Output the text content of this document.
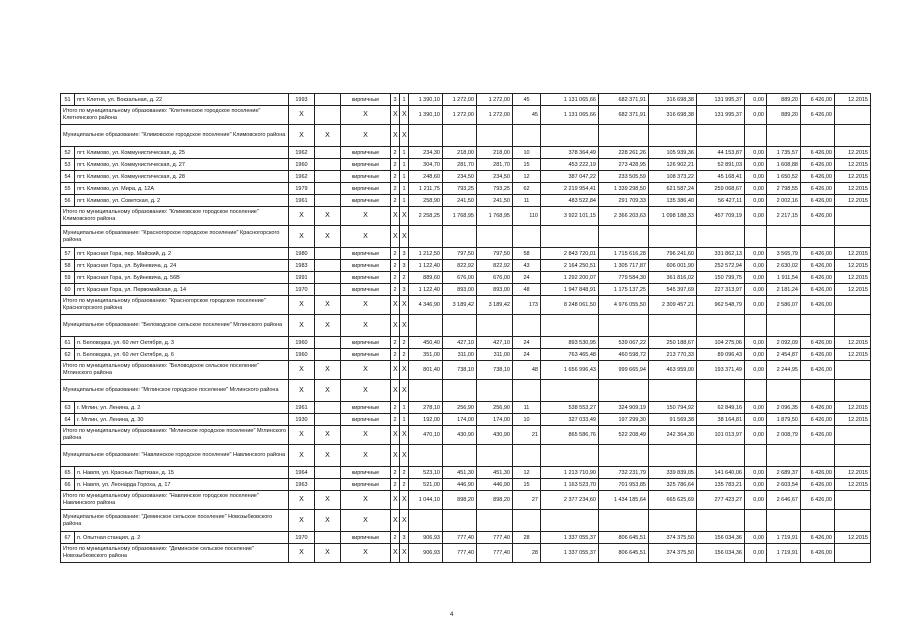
51	пгт. Клетня, ул. Вокзальная, д. 22	1993		кирпичные	3	1	1 390,10	1 272,00	1 272,00	45	1 131 065,66	682 371,91	316 698,38	131 995,37	0,00	889,20	6 426,00	12.2015
Итого по муниципальному образованию: "Клетнянское городское поселение" Клетнянского района		X		X	X	X	1 390,10	1 272,00	1 272,00	45	1 131 065,66	682 371,91	316 698,38	131 995,37	0,00	889,20	6 426,00	
Муниципальное образование: "Климовское городское поселение" Климовского района		X	X	X	X	X												
52	пгт. Климово, ул. Коммунистическая, д. 25	1962		кирпичные	2	1	234,30	218,00	218,00	10	378 364,49	228 261,26	105 939,36	44 153,87	0,00	1 735,57	6 426,00	12.2015
53	пгт. Климово, ул. Коммунистическая, д. 27	1960		кирпичные	2	1	304,70	281,70	281,70	15	453 222,19	273 428,95	126 902,21	52 891,03	0,00	1 608,88	6 426,00	12.2015
54	пгт. Климово, ул. Коммунистическая, д. 28	1962		кирпичные	2	1	248,60	234,50	234,50	12	387 047,22	233 505,59	108 373,22	45 168,41	0,00	1 650,52	6 426,00	12.2015
55	пгт. Климово, ул. Мира, д. 12А	1979		кирпичные	2	1	1 211,75	793,25	793,25	62	2 219 954,41	1 339 298,50	621 587,24	259 068,67	0,00	2 798,55	6 426,00	12.2015
56	пгт. Климово, ул. Советская, д. 2	1961		кирпичные	2	1	258,90	241,50	241,50	11	483 522,84	291 709,33	135 386,40	56 427,11	0,00	2 002,16	6 426,00	12.2015
Итого по муниципальному образованию: "Климовское городское поселение" Климовского района		X	X	X	X	X	2 258,25	1 768,95	1 768,95	110	3 922 101,15	2 366 203,63	1 098 188,33	457 709,19	0,00	2 217,15	6 426,00	
Муниципальное образование: "Красногорское городское поселение" Красногорского района		X	X	X	X	X												
57	пгт. Красная Гора, пер. Майский, д. 2	1980		кирпичные	2	3	1 212,50	797,50	797,50	58	2 843 720,01	1 715 616,28	796 241,60	331 862,13	0,00	3 565,79	6 426,00	12.2015
58	пгт. Красная Гора, ул. Буйневича, д. 24	1983		кирпичные	2	3	1 122,40	822,92	822,92	43	2 164 250,51	1 305 717,87	606 001,90	252 572,94	0,00	2 630,02	6 426,00	12.2015
59	пгт. Красная Гора, ул. Буйневича, д. 56В	1991		кирпичные	2	2	889,60	676,00	676,00	24	1 292 200,07	779 584,30	361 816,02	150 799,75	0,00	1 911,54	6 426,00	12.2015
60	пгт. Красная Гора, ул. Первомайская, д. 14	1970		кирпичные	2	3	1 122,40	893,00	893,00	48	1 947 848,91	1 175 137,25	545 397,69	227 313,97	0,00	2 181,24	6 426,00	12.2015
Итого по муниципальному образованию: "Красногорское городское поселение" Красногорского района		X	X	X	X	X	4 346,90	3 189,42	3 189,42	173	8 248 061,50	4 976 055,50	2 309 457,21	962 548,79	0,00	2 586,07	6 426,00	
Муниципальное образование: "Беловодское сельское поселение" Мглинского района		X	X	X	X	X												
61	п. Беловодка, ул. 60 лет Октября, д. 3	1960		кирпичные	2	2	450,40	427,10	427,10	24	893 530,95	539 067,22	250 188,67	104 275,06	0,00	2 092,09	6 426,00	12.2015
62	п. Беловодка, ул. 60 лет Октября, д. 6	1960		кирпичные	2	2	351,00	311,00	311,00	24	763 465,48	460 598,72	213 770,33	89 096,43	0,00	2 454,87	6 426,00	12.2015
Итого по муниципальному образованию: "Беловодское сельское поселение" Мглинского района		X	X	X	X	X	801,40	738,10	738,10	48	1 656 996,43	999 665,94	463 959,00	193 371,49	0,00	2 244,95	6 426,00	
Муниципальное образование: "Мглинское городское поселение" Мглинского района		X	X	X	X	X												
63	г. Мглин, ул. Ленина, д. 2	1961		кирпичные	2	1	278,10	256,90	256,90	11	538 553,27	324 909,19	150 794,92	62 849,16	0,00	2 096,35	6 426,00	12.2015
64	г. Мглин, ул. Ленина, д. 30	1930		кирпичные	2	1	192,00	174,00	174,00	10	327 033,49	197 299,30	91 569,38	38 164,81	0,00	1 879,50	6 426,00	12.2015
Итого по муниципальному образованию: "Мглинское городское поселение" Мглинского района		X	X	X	X	X	470,10	430,90	430,90	21	865 586,76	522 208,49	242 364,30	101 013,97	0,00	2 008,79	6 426,00	
Муниципальное образование: "Навлинское городское поселение" Навлинского района		X	X	X	X	X												
65	п. Навля, ул. Красных Партизан, д. 15	1964		кирпичные	2	2	523,10	451,30	451,30	12	1 213 710,90	732 231,79	339 839,05	141 640,06	0,00	2 689,37	6 426,00	12.2015
66	п. Навля, ул. Леонарда Гороха, д. 17	1963		кирпичные	2	2	521,00	446,90	446,90	15	1 163 523,70	701 953,85	325 786,64	135 783,21	0,00	2 603,54	6 426,00	12.2015
Итого по муниципальному образованию: "Навлинское городское поселение" Навлинского района		X	X	X	X	X	1 044,10	898,20	898,20	27	2 377 234,60	1 434 185,64	665 625,69	277 423,27	0,00	2 646,67	6 426,00	
Муниципальное образование: "Деминское сельское поселение" Новозыбковского района		X	X	X	X	X												
67	п. Опытная станция, д. 2	1970		кирпичные	2	3	906,93	777,40	777,40	28	1 337 055,37	806 645,51	374 375,50	156 034,36	0,00	1 719,91	6 426,00	12.2015
Итого по муниципальному образованию: "Деминское сельское поселение" Новозыбковского района		X	X	X	X	X	906,93	777,40	777,40	28	1 337 055,37	806 645,51	374 375,50	156 034,36	0,00	1 719,91	6 426,00	
4
